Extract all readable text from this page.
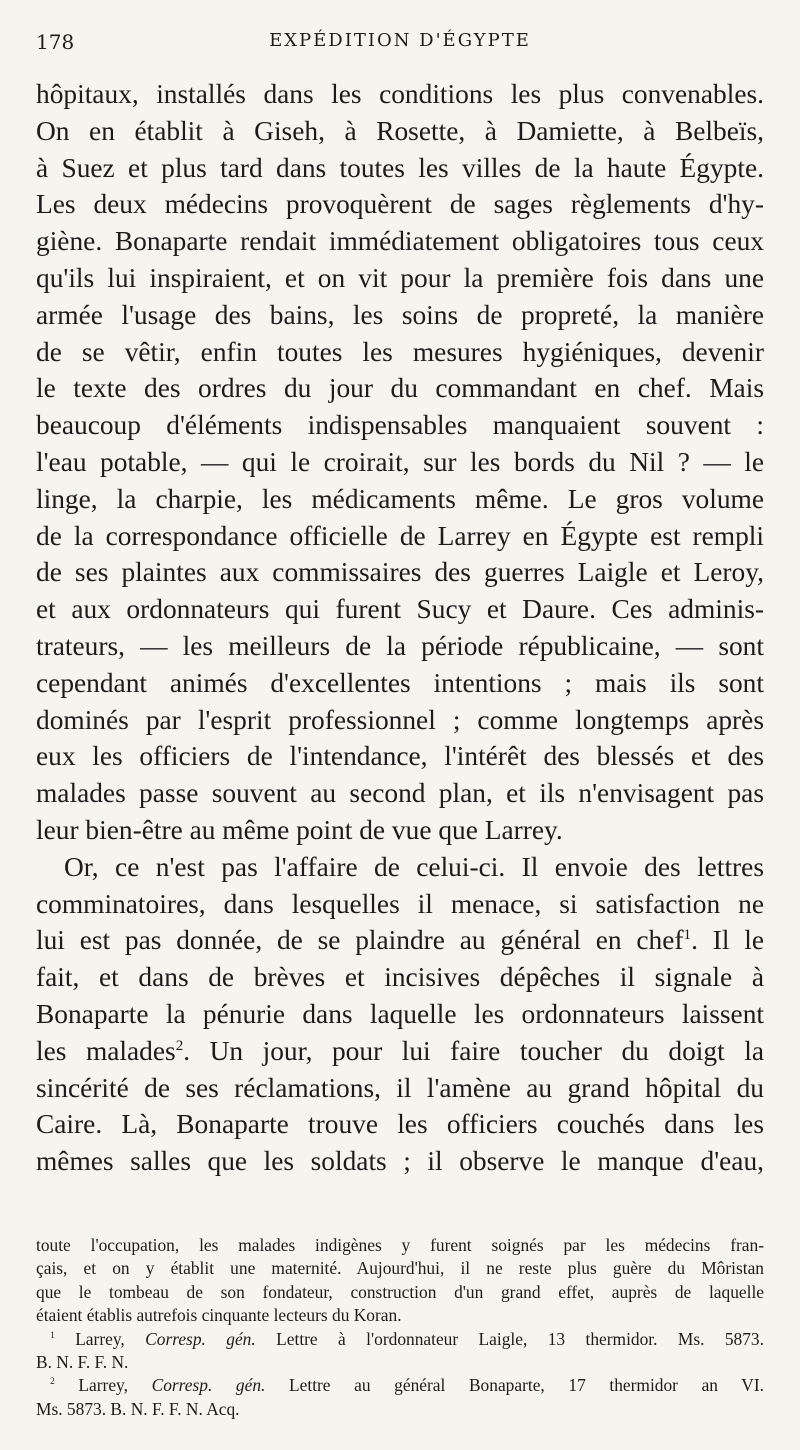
178	EXPÉDITION D'ÉGYPTE
hôpitaux, installés dans les conditions les plus convenables.
On en établit à Giseh, à Rosette, à Damiette, à Belbeïs,
à Suez et plus tard dans toutes les villes de la haute Égypte.
Les deux médecins provoquèrent de sages règlements d'hy-
giène. Bonaparte rendait immédiatement obligatoires tous ceux
qu'ils lui inspiraient, et on vit pour la première fois dans une
armée l'usage des bains, les soins de propreté, la manière
de se vêtir, enfin toutes les mesures hygiéniques, devenir
le texte des ordres du jour du commandant en chef. Mais
beaucoup d'éléments indispensables manquaient souvent :
l'eau potable, — qui le croirait, sur les bords du Nil ? — le
linge, la charpie, les médicaments même. Le gros volume
de la correspondance officielle de Larrey en Égypte est rempli
de ses plaintes aux commissaires des guerres Laigle et Leroy,
et aux ordonnateurs qui furent Sucy et Daure. Ces adminis-
trateurs, — les meilleurs de la période républicaine, — sont
cependant animés d'excellentes intentions ; mais ils sont
dominés par l'esprit professionnel ; comme longtemps après
eux les officiers de l'intendance, l'intérêt des blessés et des
malades passe souvent au second plan, et ils n'envisagent pas
leur bien-être au même point de vue que Larrey.
Or, ce n'est pas l'affaire de celui-ci. Il envoie des lettres
comminatoires, dans lesquelles il menace, si satisfaction ne
lui est pas donnée, de se plaindre au général en chef$^1$. Il le
fait, et dans de brèves et incisives dépêches il signale à
Bonaparte la pénurie dans laquelle les ordonnateurs laissent
les malades$^2$. Un jour, pour lui faire toucher du doigt la
sincérité de ses réclamations, il l'amène au grand hôpital du
Caire. Là, Bonaparte trouve les officiers couchés dans les
mêmes salles que les soldats ; il observe le manque d'eau,
toute l'occupation, les malades indigènes y furent soignés par les médecins fran-
çais, et on y établit une maternité. Aujourd'hui, il ne reste plus guère du Môristan
que le tombeau de son fondateur, construction d'un grand effet, auprès de laquelle
étaient établis autrefois cinquante lecteurs du Koran.
$^1$ Larrey, Corresp. gén. Lettre à l'ordonnateur Laigle, 13 thermidor. Ms. 5873.
B. N. F. F. N.
$^2$ Larrey, Corresp. gén. Lettre au général Bonaparte, 17 thermidor an VI.
Ms. 5873. B. N. F. F. N. Acq.
